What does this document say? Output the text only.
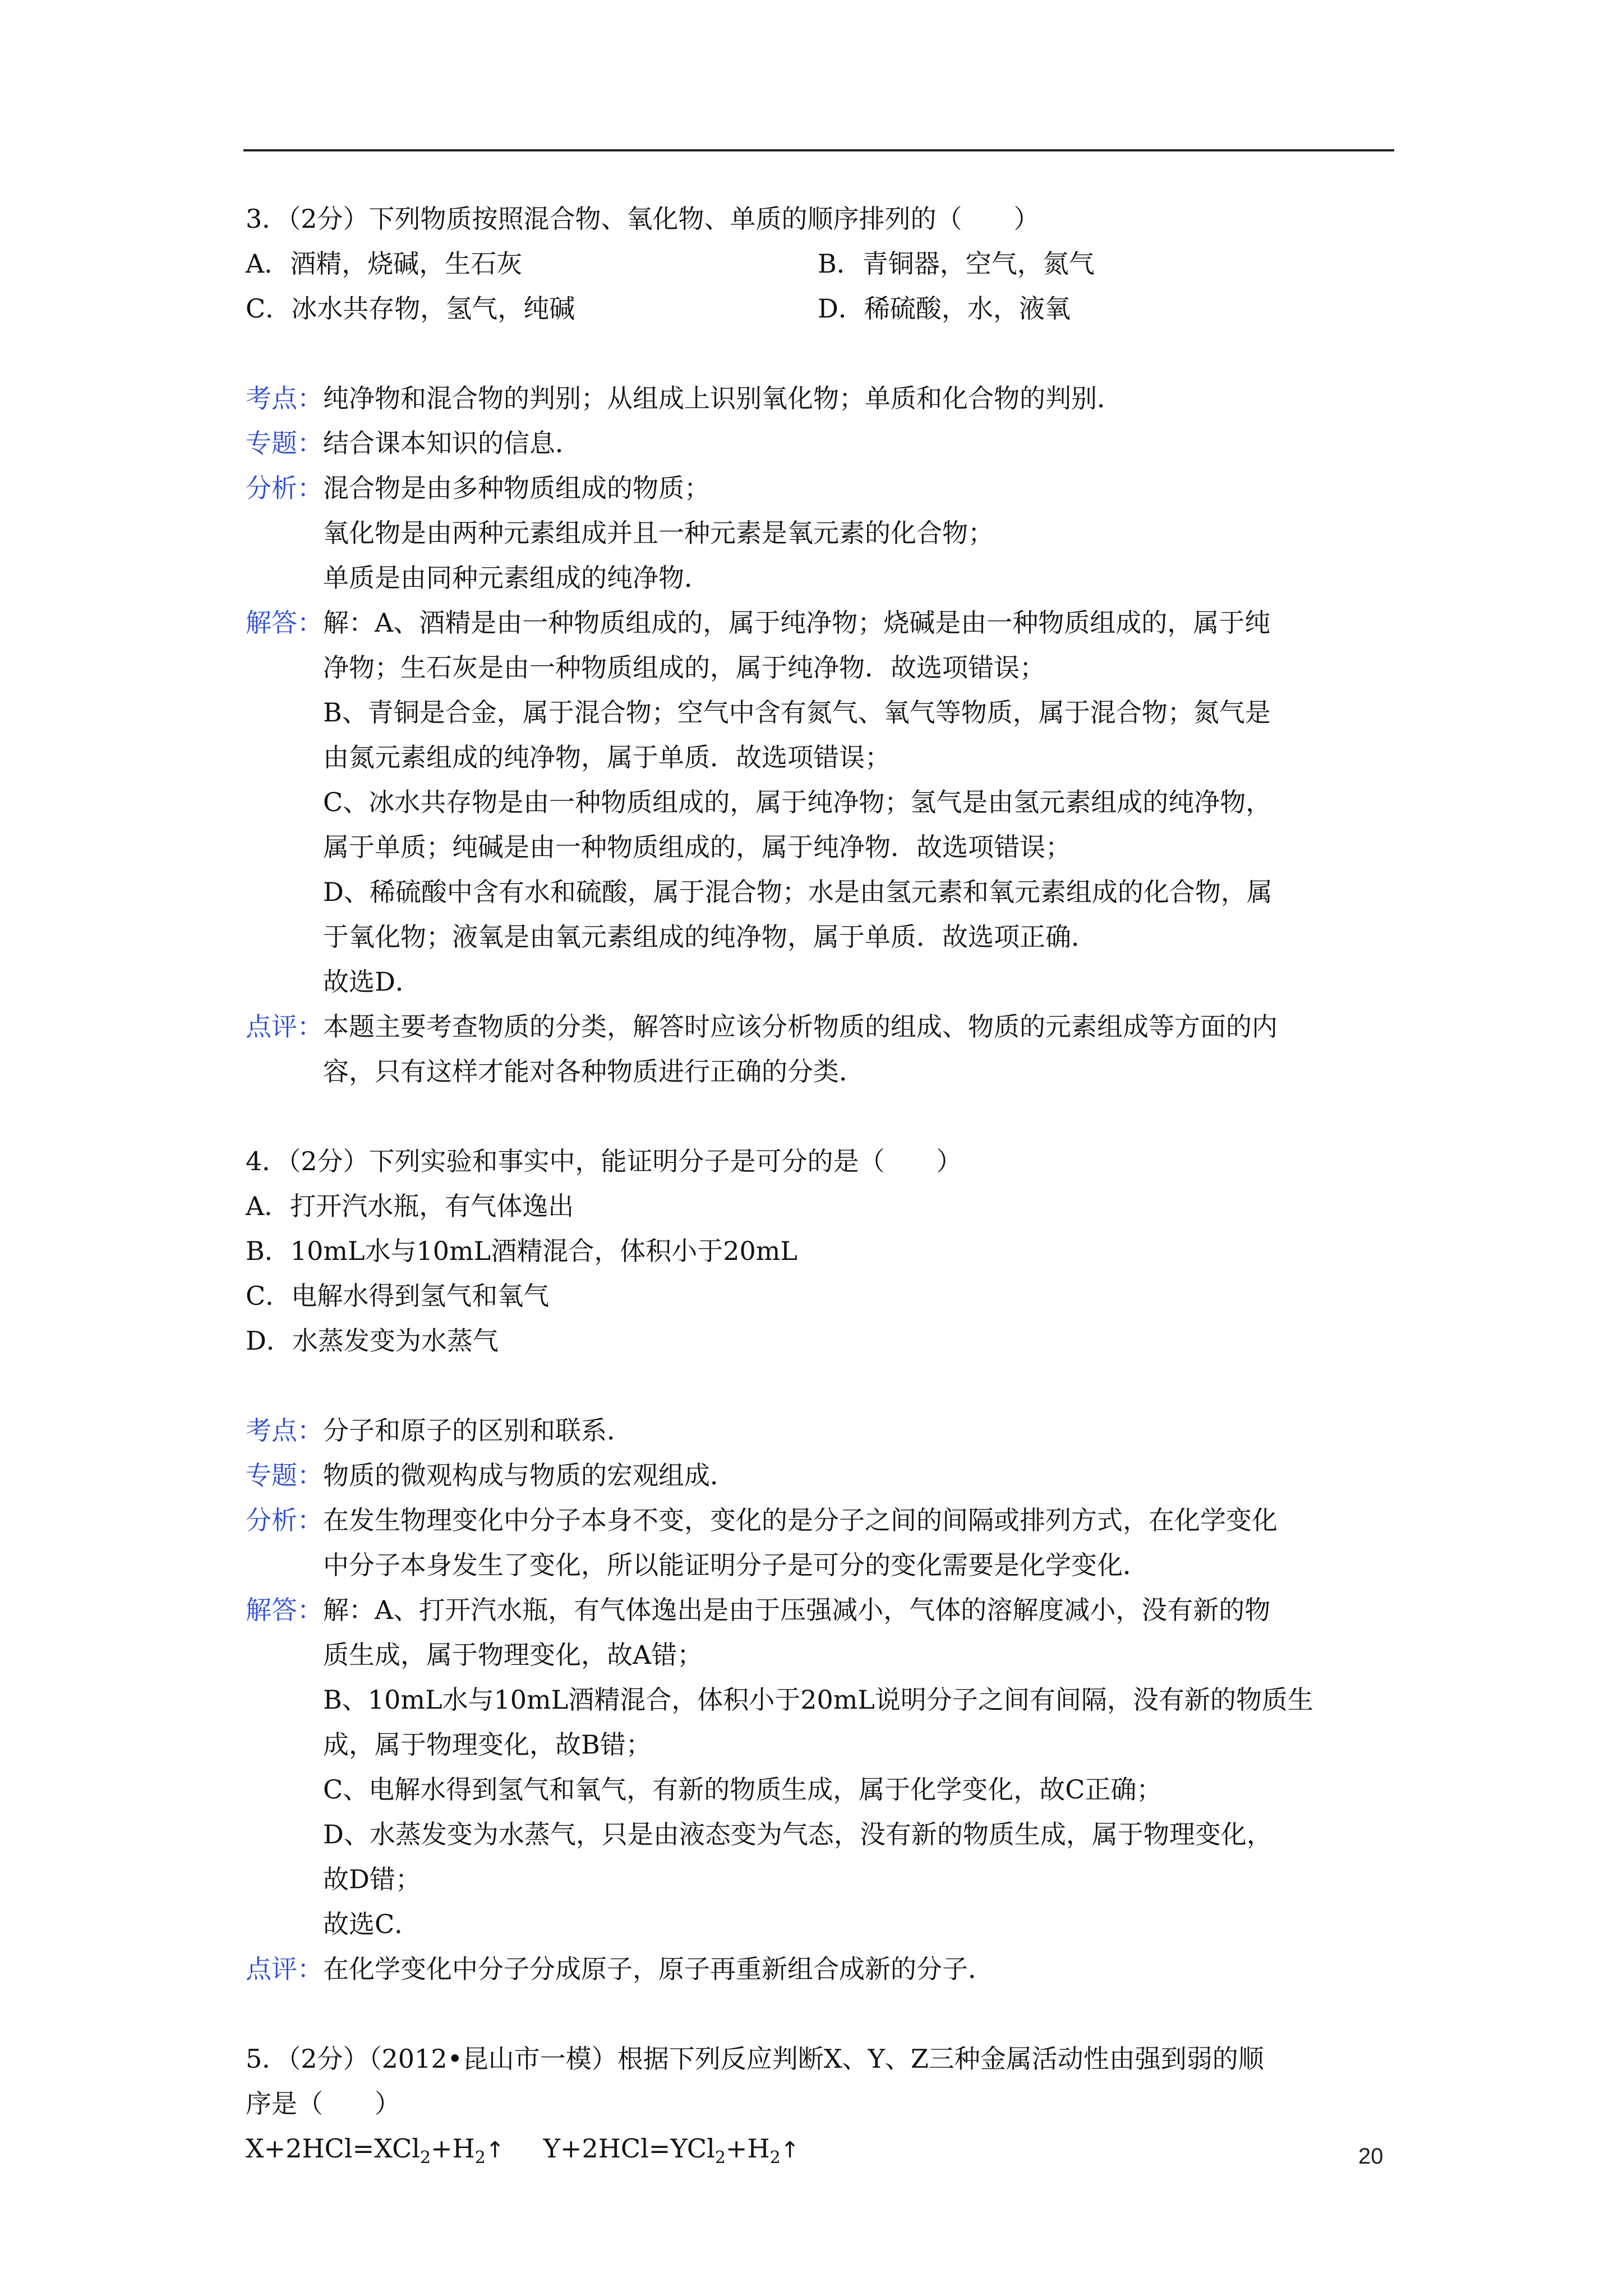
3．（2分）下列物质按照混合物、氧化物、单质的顺序排列的（　　）
A．酒精，烧碱，生石灰	B．青铜器，空气，氮气
C．冰水共存物，氢气，纯碱	D．稀硫酸，水，液氧
考点： 纯净物和混合物的判别；从组成上识别氧化物；单质和化合物的判别．
专题： 结合课本知识的信息．
分析： 混合物是由多种物质组成的物质；
氧化物是由两种元素组成并且一种元素是氧元素的化合物；
单质是由同种元素组成的纯净物．
解答： 解：A、酒精是由一种物质组成的，属于纯净物；烧碱是由一种物质组成的，属于纯
净物；生石灰是由一种物质组成的，属于纯净物．故选项错误；
B、青铜是合金，属于混合物；空气中含有氮气、氧气等物质，属于混合物；氮气是
由氮元素组成的纯净物，属于单质．故选项错误；
C、冰水共存物是由一种物质组成的，属于纯净物；氢气是由氢元素组成的纯净物，
属于单质；纯碱是由一种物质组成的，属于纯净物．故选项错误；
D、稀硫酸中含有水和硫酸，属于混合物；水是由氢元素和氧元素组成的化合物，属
于氧化物；液氧是由氧元素组成的纯净物，属于单质．故选项正确．
故选D．
点评： 本题主要考查物质的分类，解答时应该分析物质的组成、物质的元素组成等方面的内
容，只有这样才能对各种物质进行正确的分类．
4．（2分）下列实验和事实中，能证明分子是可分的是（　　）
A．打开汽水瓶，有气体逸出
B．10mL水与10mL酒精混合，体积小于20mL
C．电解水得到氢气和氧气
D．水蒸发变为水蒸气
考点： 分子和原子的区别和联系．
专题： 物质的微观构成与物质的宏观组成．
分析： 在发生物理变化中分子本身不变，变化的是分子之间的间隔或排列方式，在化学变化
中分子本身发生了变化，所以能证明分子是可分的变化需要是化学变化．
解答： 解：A、打开汽水瓶，有气体逸出是由于压强减小，气体的溶解度减小，没有新的物
质生成，属于物理变化，故A错；
B、10mL水与10mL酒精混合，体积小于20mL说明分子之间有间隔，没有新的物质生
成，属于物理变化，故B错；
C、电解水得到氢气和氧气，有新的物质生成，属于化学变化，故C正确；
D、水蒸发变为水蒸气，只是由液态变为气态，没有新的物质生成，属于物理变化，
故D错；
故选C．
点评： 在化学变化中分子分成原子，原子再重新组合成新的分子．
5．（2分）（2012•昆山市一模）根据下列反应判断X、Y、Z三种金属活动性由强到弱的顺
序是（　　）
$X+2HCl=XCl_2+H_2↑$ $Y+2HCl=YCl_2+H_2↑$	20
